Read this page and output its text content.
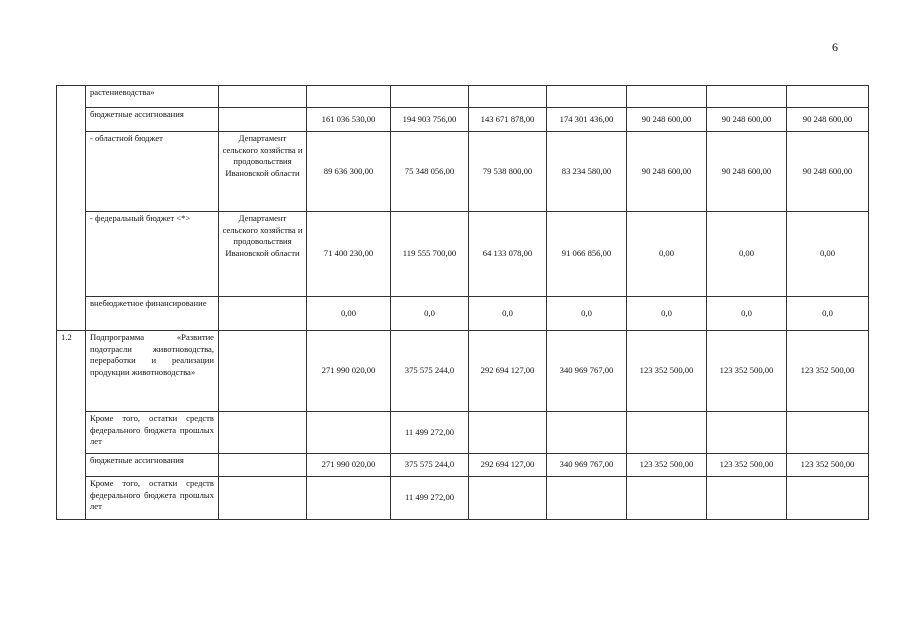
6
	растениеводства»								
	бюджетные ассигнования		161 036 530,00	194 903 756,00	143 671 878,00	174 301 436,00	90 248 600,00	90 248 600,00	90 248 600,00
	- областной бюджет	Департамент сельского хозяйства и продовольствия Ивановской области	89 636 300,00	75 348 056,00	79 538 800,00	83 234 580,00	90 248 600,00	90 248 600,00	90 248 600,00
	- федеральный бюджет <*>	Департамент сельского хозяйства и продовольствия Ивановской области	71 400 230,00	119 555 700,00	64 133 078,00	91 066 856,00	0,00	0,00	0,00
	внебюджетное финансирование		0,00	0,0	0,0	0,0	0,0	0,0	0,0
1.2	Подпрограмма «Развитие подотрасли животноводства, переработки и реализации продукции животноводства»		271 990 020,00	375 575 244,0	292 694 127,00	340 969 767,00	123 352 500,00	123 352 500,00	123 352 500,00
	Кроме того, остатки средств федерального бюджета прошлых лет			11 499 272,00					
	бюджетные ассигнования		271 990 020,00	375 575 244,0	292 694 127,00	340 969 767,00	123 352 500,00	123 352 500,00	123 352 500,00
	Кроме того, остатки средств федерального бюджета прошлых лет			11 499 272,00					
